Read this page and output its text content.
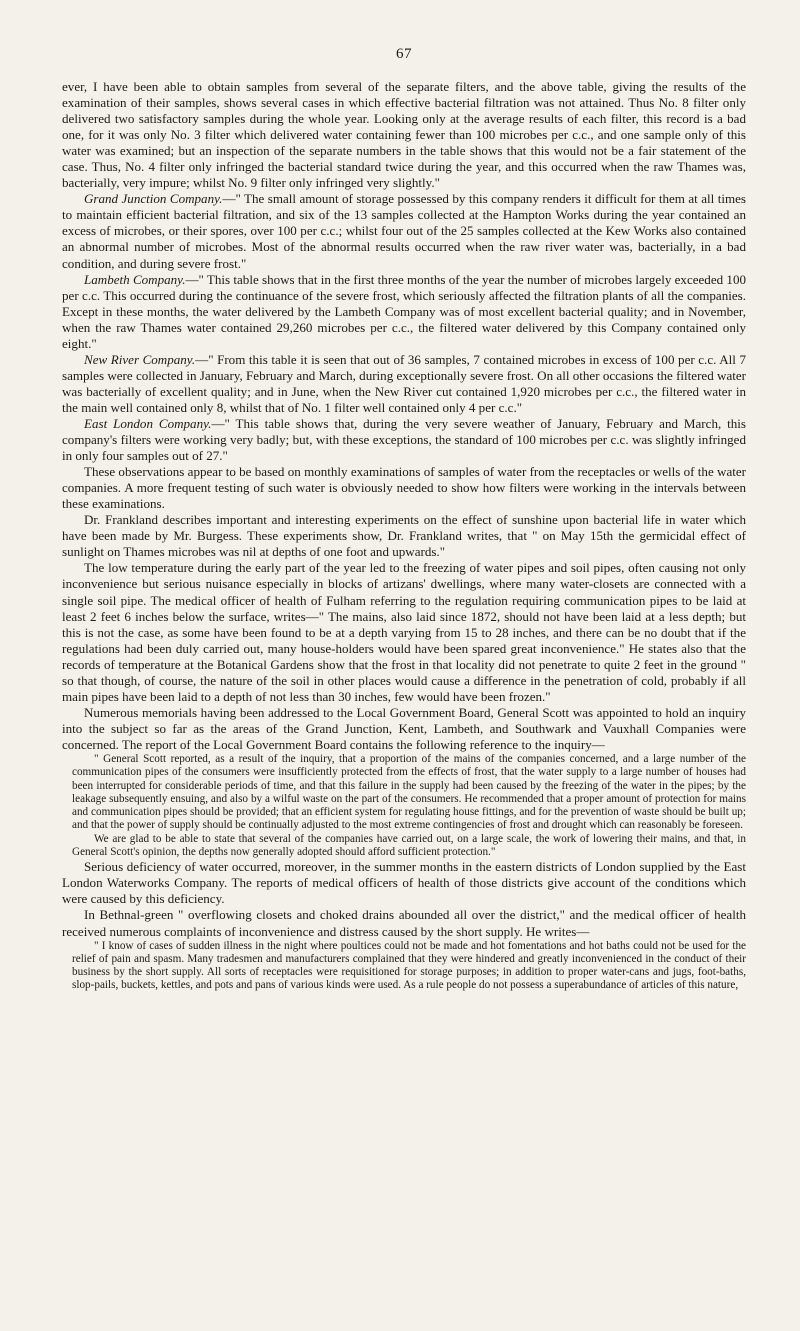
67

ever, I have been able to obtain samples from several of the separate filters, and the above table, giving the results of the examination of their samples, shows several cases in which effective bacterial filtration was not attained. Thus No. 8 filter only delivered two satisfactory samples during the whole year. Looking only at the average results of each filter, this record is a bad one, for it was only No. 3 filter which delivered water containing fewer than 100 microbes per c.c., and one sample only of this water was examined; but an inspection of the separate numbers in the table shows that this would not be a fair statement of the case. Thus, No. 4 filter only infringed the bacterial standard twice during the year, and this occurred when the raw Thames was, bacterially, very impure; whilst No. 9 filter only infringed very slightly."

Grand Junction Company.—" The small amount of storage possessed by this company renders it difficult for them at all times to maintain efficient bacterial filtration, and six of the 13 samples collected at the Hampton Works during the year contained an excess of microbes, or their spores, over 100 per c.c.; whilst four out of the 25 samples collected at the Kew Works also contained an abnormal number of microbes. Most of the abnormal results occurred when the raw river water was, bacterially, in a bad condition, and during severe frost."

Lambeth Company.—" This table shows that in the first three months of the year the number of microbes largely exceeded 100 per c.c. This occurred during the continuance of the severe frost, which seriously affected the filtration plants of all the companies. Except in these months, the water delivered by the Lambeth Company was of most excellent bacterial quality; and in November, when the raw Thames water contained 29,260 microbes per c.c., the filtered water delivered by this Company contained only eight."

New River Company.—" From this table it is seen that out of 36 samples, 7 contained microbes in excess of 100 per c.c. All 7 samples were collected in January, February and March, during exceptionally severe frost. On all other occasions the filtered water was bacterially of excellent quality; and in June, when the New River cut contained 1,920 microbes per c.c., the filtered water in the main well contained only 8, whilst that of No. 1 filter well contained only 4 per c.c."

East London Company.—" This table shows that, during the very severe weather of January, February and March, this company's filters were working very badly; but, with these exceptions, the standard of 100 microbes per c.c. was slightly infringed in only four samples out of 27."

These observations appear to be based on monthly examinations of samples of water from the receptacles or wells of the water companies. A more frequent testing of such water is obviously needed to show how filters were working in the intervals between these examinations.

Dr. Frankland describes important and interesting experiments on the effect of sunshine upon bacterial life in water which have been made by Mr. Burgess. These experiments show, Dr. Frankland writes, that " on May 15th the germicidal effect of sunlight on Thames microbes was nil at depths of one foot and upwards."

The low temperature during the early part of the year led to the freezing of water pipes and soil pipes, often causing not only inconvenience but serious nuisance especially in blocks of artizans' dwellings, where many water-closets are connected with a single soil pipe. The medical officer of health of Fulham referring to the regulation requiring communication pipes to be laid at least 2 feet 6 inches below the surface, writes—" The mains, also laid since 1872, should not have been laid at a less depth; but this is not the case, as some have been found to be at a depth varying from 15 to 28 inches, and there can be no doubt that if the regulations had been duly carried out, many house-holders would have been spared great inconvenience." He states also that the records of temperature at the Botanical Gardens show that the frost in that locality did not penetrate to quite 2 feet in the ground " so that though, of course, the nature of the soil in other places would cause a difference in the penetration of cold, probably if all main pipes have been laid to a depth of not less than 30 inches, few would have been frozen."

Numerous memorials having been addressed to the Local Government Board, General Scott was appointed to hold an inquiry into the subject so far as the areas of the Grand Junction, Kent, Lambeth, and Southwark and Vauxhall Companies were concerned. The report of the Local Government Board contains the following reference to the inquiry—

" General Scott reported, as a result of the inquiry, that a proportion of the mains of the companies concerned, and a large number of the communication pipes of the consumers were insufficiently protected from the effects of frost, that the water supply to a large number of houses had been interrupted for considerable periods of time, and that this failure in the supply had been caused by the freezing of the water in the pipes; by the leakage subsequently ensuing, and also by a wilful waste on the part of the consumers. He recommended that a proper amount of protection for mains and communication pipes should be provided; that an efficient system for regulating house fittings, and for the prevention of waste should be built up; and that the power of supply should be continually adjusted to the most extreme contingencies of frost and drought which can reasonably be foreseen.

We are glad to be able to state that several of the companies have carried out, on a large scale, the work of lowering their mains, and that, in General Scott's opinion, the depths now generally adopted should afford sufficient protection."

Serious deficiency of water occurred, moreover, in the summer months in the eastern districts of London supplied by the East London Waterworks Company. The reports of medical officers of health of those districts give account of the conditions which were caused by this deficiency.

In Bethnal-green " overflowing closets and choked drains abounded all over the district," and the medical officer of health received numerous complaints of inconvenience and distress caused by the short supply. He writes—

" I know of cases of sudden illness in the night where poultices could not be made and hot fomentations and hot baths could not be used for the relief of pain and spasm. Many tradesmen and manufacturers complained that they were hindered and greatly inconvenienced in the conduct of their business by the short supply. All sorts of receptacles were requisitioned for storage purposes; in addition to proper water-cans and jugs, foot-baths, slop-pails, buckets, kettles, and pots and pans of various kinds were used. As a rule people do not possess a superabundance of articles of this nature,
